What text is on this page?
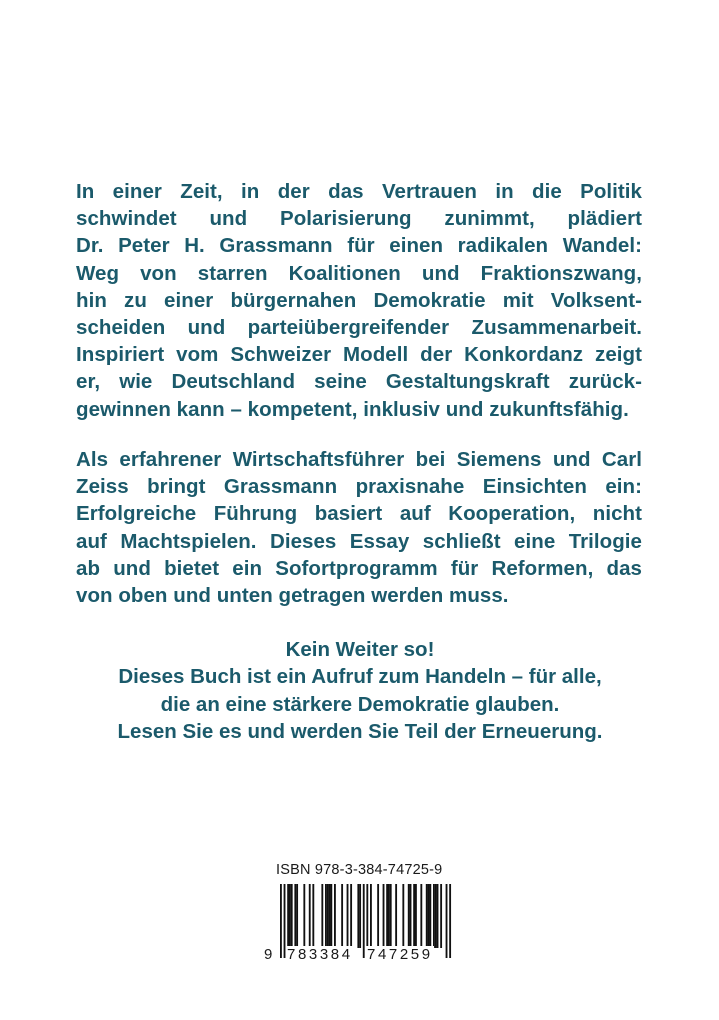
In einer Zeit, in der das Vertrauen in die Politik
schwindet und Polarisierung zunimmt, plädiert
Dr. Peter H. Grassmann für einen radikalen Wandel:
Weg von starren Koalitionen und Fraktionszwang,
hin zu einer bürgernahen Demokratie mit Volksent-
scheiden und parteiübergreifender Zusammenarbeit.
Inspiriert vom Schweizer Modell der Konkordanz zeigt
er, wie Deutschland seine Gestaltungskraft zurück-
gewinnen kann – kompetent, inklusiv und zukunftsfähig.
Als erfahrener Wirtschaftsführer bei Siemens und Carl
Zeiss bringt Grassmann praxisnahe Einsichten ein:
Erfolgreiche Führung basiert auf Kooperation, nicht
auf Machtspielen. Dieses Essay schließt eine Trilogie
ab und bietet ein Sofortprogramm für Reformen, das
von oben und unten getragen werden muss.
Kein Weiter so!
Dieses Buch ist ein Aufruf zum Handeln – für alle,
die an eine stärkere Demokratie glauben.
Lesen Sie es und werden Sie Teil der Erneuerung.
ISBN 978-3-384-74725-9
9 783384 747259
